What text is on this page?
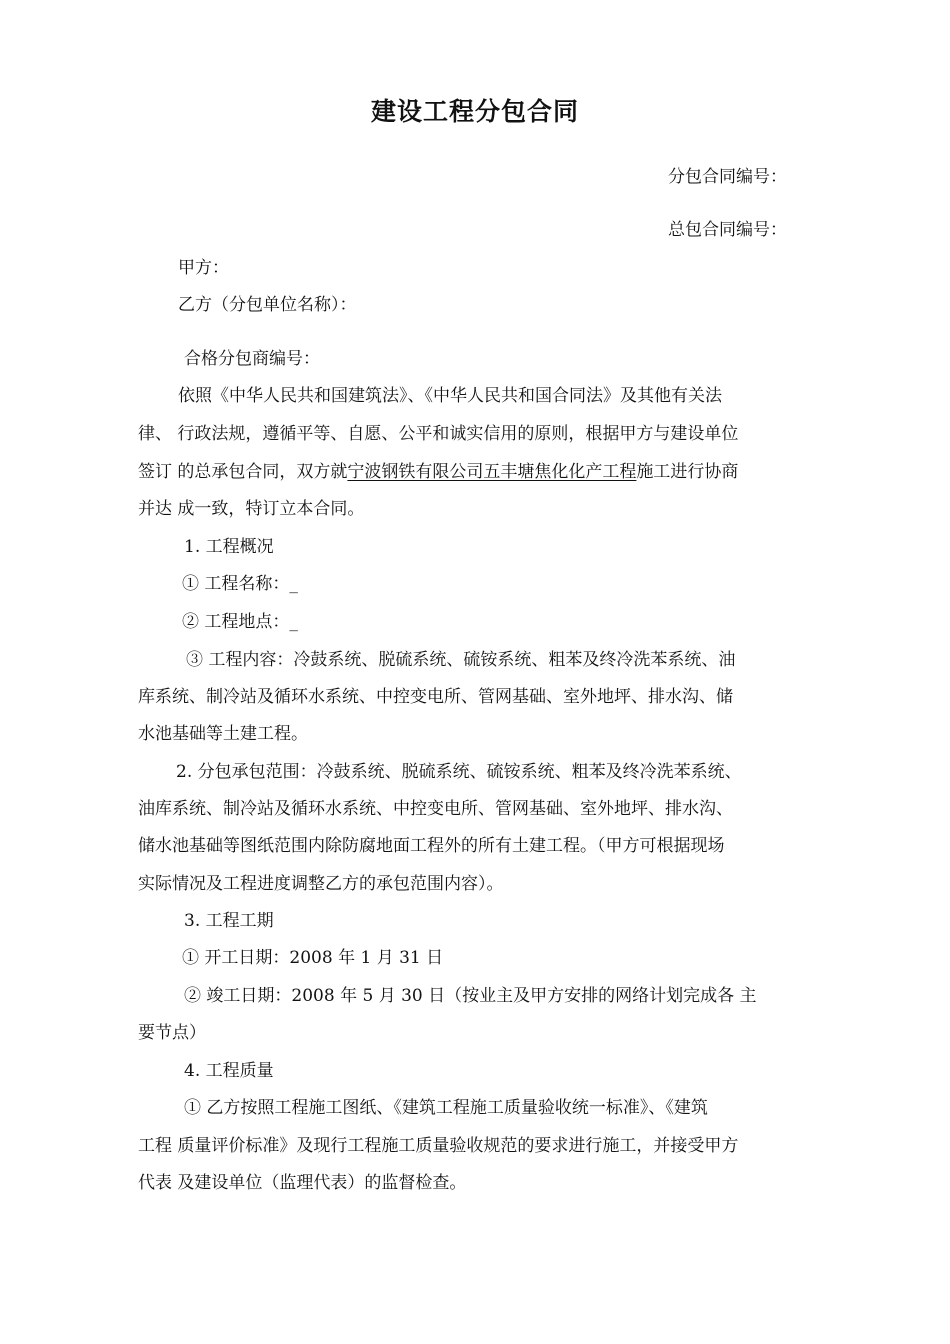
建设工程分包合同
分包合同编号：
总包合同编号：
甲方：
乙方（分包单位名称）：
合格分包商编号：
依照《中华人民共和国建筑法》、《中华人民共和国合同法》及其他有关法
律、 行政法规，遵循平等、自愿、公平和诚实信用的原则，根据甲方与建设单位
签订 的总承包合同，双方就宁波钢铁有限公司五丰塘焦化化产工程施工进行协商
并达 成一致，特订立本合同。
1. 工程概况
① 工程名称：_
② 工程地点：_
③ 工程内容：冷鼓系统、脱硫系统、硫铵系统、粗苯及终冷洗苯系统、油
库系统、制冷站及循环水系统、中控变电所、管网基础、室外地坪、排水沟、储
水池基础等土建工程。
2. 分包承包范围：冷鼓系统、脱硫系统、硫铵系统、粗苯及终冷洗苯系统、
油库系统、制冷站及循环水系统、中控变电所、管网基础、室外地坪、排水沟、
储水池基础等图纸范围内除防腐地面工程外的所有土建工程。（甲方可根据现场
实际情况及工程进度调整乙方的承包范围内容）。
3. 工程工期
① 开工日期：2008 年 1 月 31 日
② 竣工日期：2008 年 5 月 30 日（按业主及甲方安排的网络计划完成各 主
要节点）
4. 工程质量
① 乙方按照工程施工图纸、《建筑工程施工质量验收统一标准》、《建筑
工程 质量评价标准》及现行工程施工质量验收规范的要求进行施工，并接受甲方
代表 及建设单位（监理代表）的监督检查。
